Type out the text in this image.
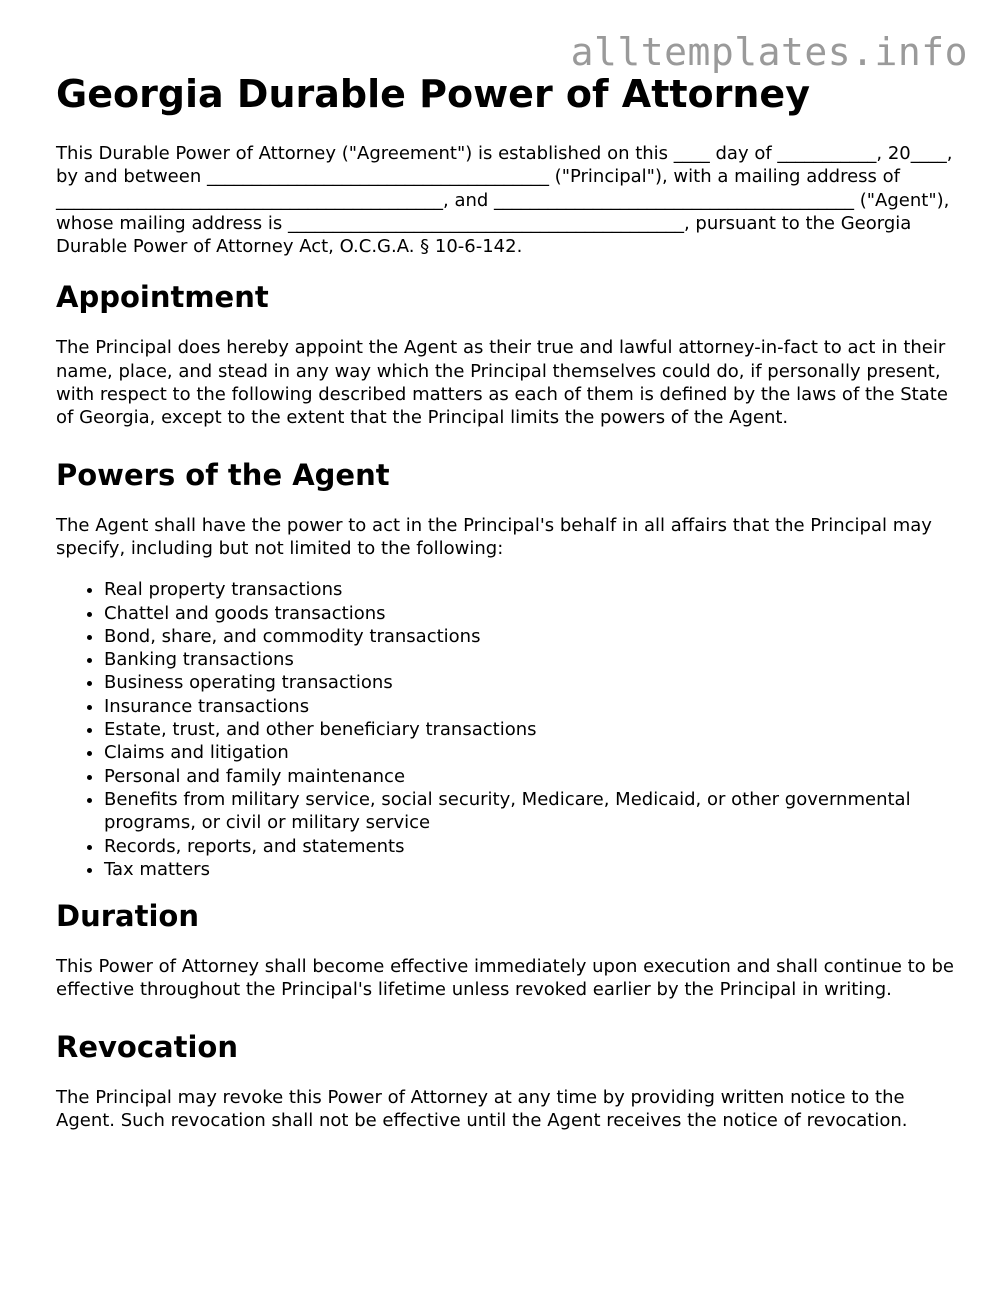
alltemplates.info
Georgia Durable Power of Attorney

This Durable Power of Attorney ("Agreement") is established on this ____ day of ___________, 20____, by and between ______________________________________ ("Principal"), with a mailing address of ___________________________________________, and ________________________________________ ("Agent"), whose mailing address is ____________________________________________, pursuant to the Georgia Durable Power of Attorney Act, O.C.G.A. § 10-6-142.

Appointment

The Principal does hereby appoint the Agent as their true and lawful attorney-in-fact to act in their name, place, and stead in any way which the Principal themselves could do, if personally present, with respect to the following described matters as each of them is defined by the laws of the State of Georgia, except to the extent that the Principal limits the powers of the Agent.

Powers of the Agent

The Agent shall have the power to act in the Principal's behalf in all affairs that the Principal may specify, including but not limited to the following:

• Real property transactions
• Chattel and goods transactions
• Bond, share, and commodity transactions
• Banking transactions
• Business operating transactions
• Insurance transactions
• Estate, trust, and other beneficiary transactions
• Claims and litigation
• Personal and family maintenance
• Benefits from military service, social security, Medicare, Medicaid, or other governmental programs, or civil or military service
• Records, reports, and statements
• Tax matters
Duration

This Power of Attorney shall become effective immediately upon execution and shall continue to be effective throughout the Principal's lifetime unless revoked earlier by the Principal in writing.

Revocation

The Principal may revoke this Power of Attorney at any time by providing written notice to the Agent. Such revocation shall not be effective until the Agent receives the notice of revocation.
